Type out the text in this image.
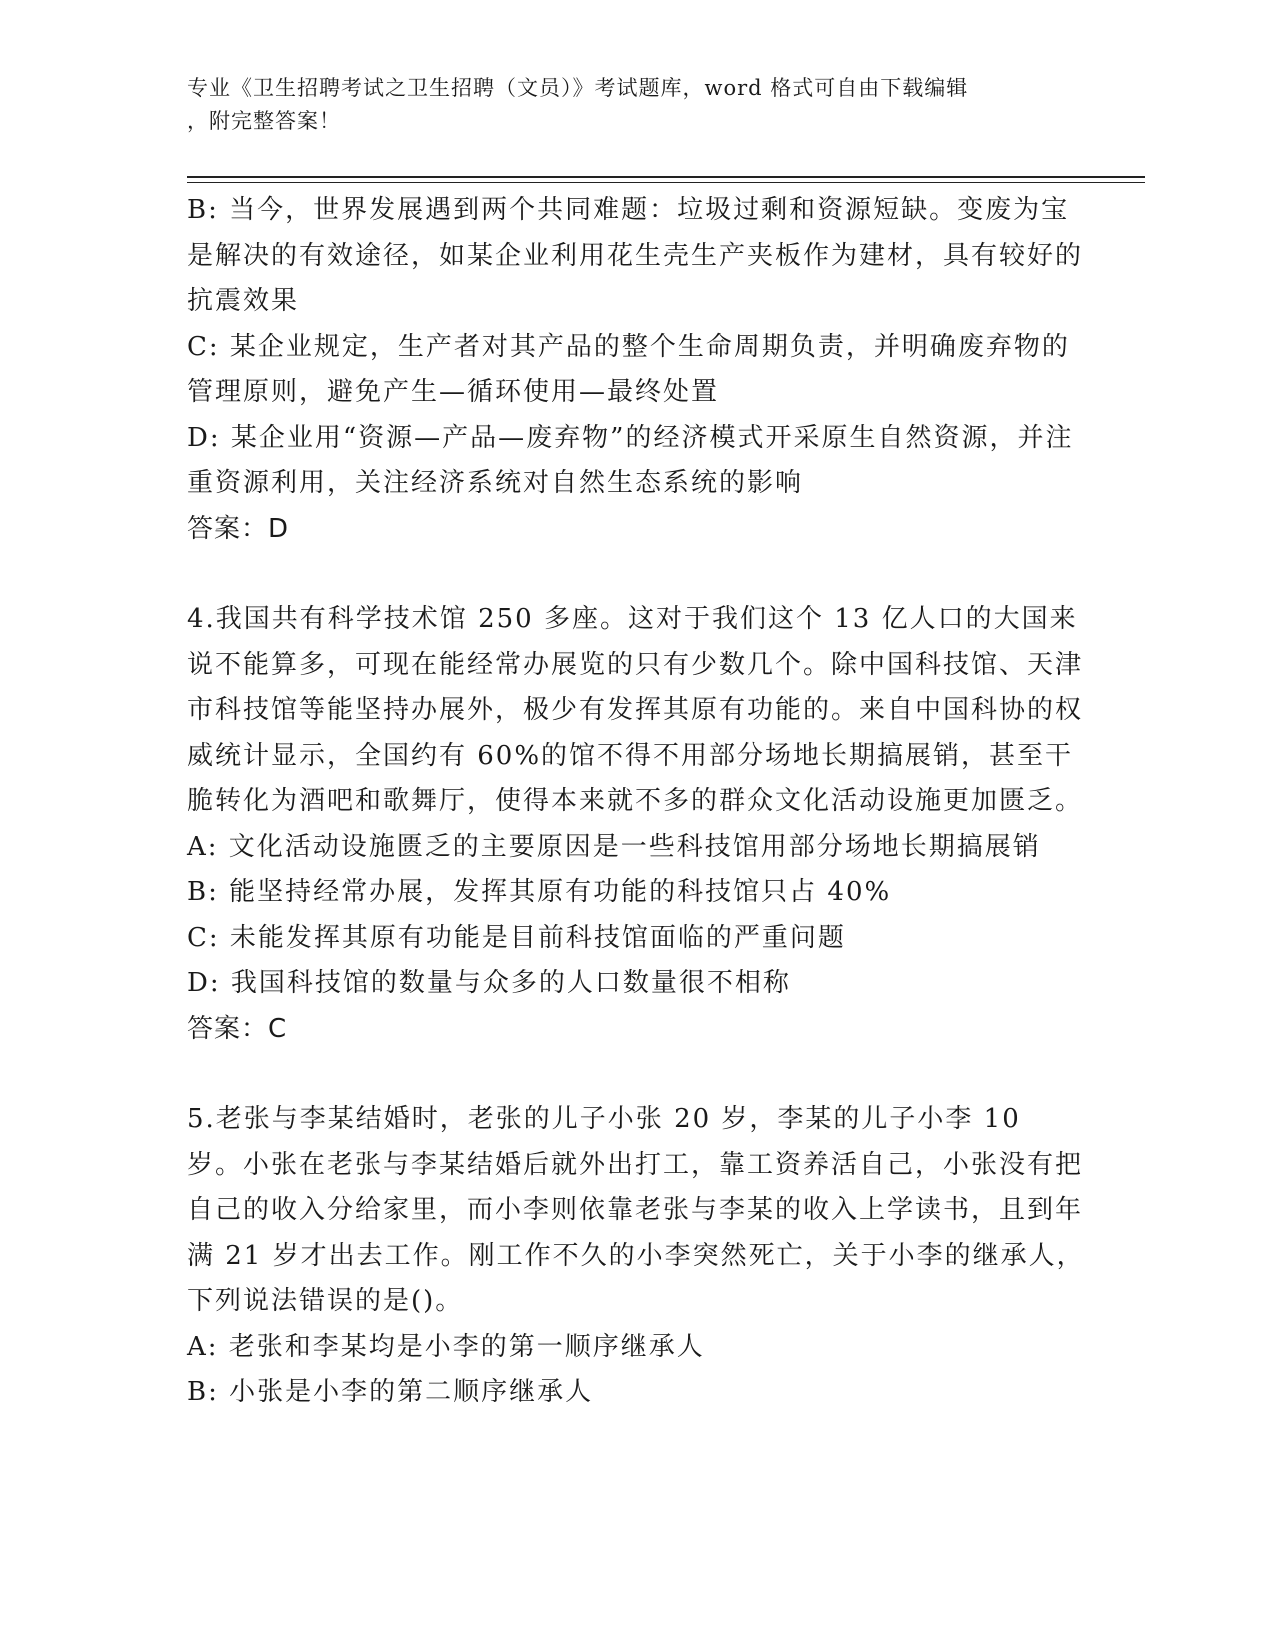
专业《卫生招聘考试之卫生招聘（文员）》考试题库，word 格式可自由下载编辑
，附完整答案！

B: 当今，世界发展遇到两个共同难题：垃圾过剩和资源短缺。变废为宝是解决的有效途径，如某企业利用花生壳生产夹板作为建材，具有较好的抗震效果

C: 某企业规定，生产者对其产品的整个生命周期负责，并明确废弃物的管理原则，避免产生—循环使用—最终处置

D: 某企业用“资源—产品—废弃物”的经济模式开采原生自然资源，并注重资源利用，关注经济系统对自然生态系统的影响

答案：D

4.我国共有科学技术馆 250 多座。这对于我们这个 13 亿人口的大国来说不能算多，可现在能经常办展览的只有少数几个。除中国科技馆、天津市科技馆等能坚持办展外，极少有发挥其原有功能的。来自中国科协的权威统计显示，全国约有 60%的馆不得不用部分场地长期搞展销，甚至干脆转化为酒吧和歌舞厅，使得本来就不多的群众文化活动设施更加匮乏。

A: 文化活动设施匮乏的主要原因是一些科技馆用部分场地长期搞展销

B: 能坚持经常办展，发挥其原有功能的科技馆只占 40%

C: 未能发挥其原有功能是目前科技馆面临的严重问题

D: 我国科技馆的数量与众多的人口数量很不相称

答案：C

5.老张与李某结婚时，老张的儿子小张 20 岁，李某的儿子小李 10 岁。小张在老张与李某结婚后就外出打工，靠工资养活自己，小张没有把自己的收入分给家里，而小李则依靠老张与李某的收入上学读书，且到年满 21 岁才出去工作。刚工作不久的小李突然死亡，关于小李的继承人，下列说法错误的是()。

A: 老张和李某均是小李的第一顺序继承人

B: 小张是小李的第二顺序继承人
